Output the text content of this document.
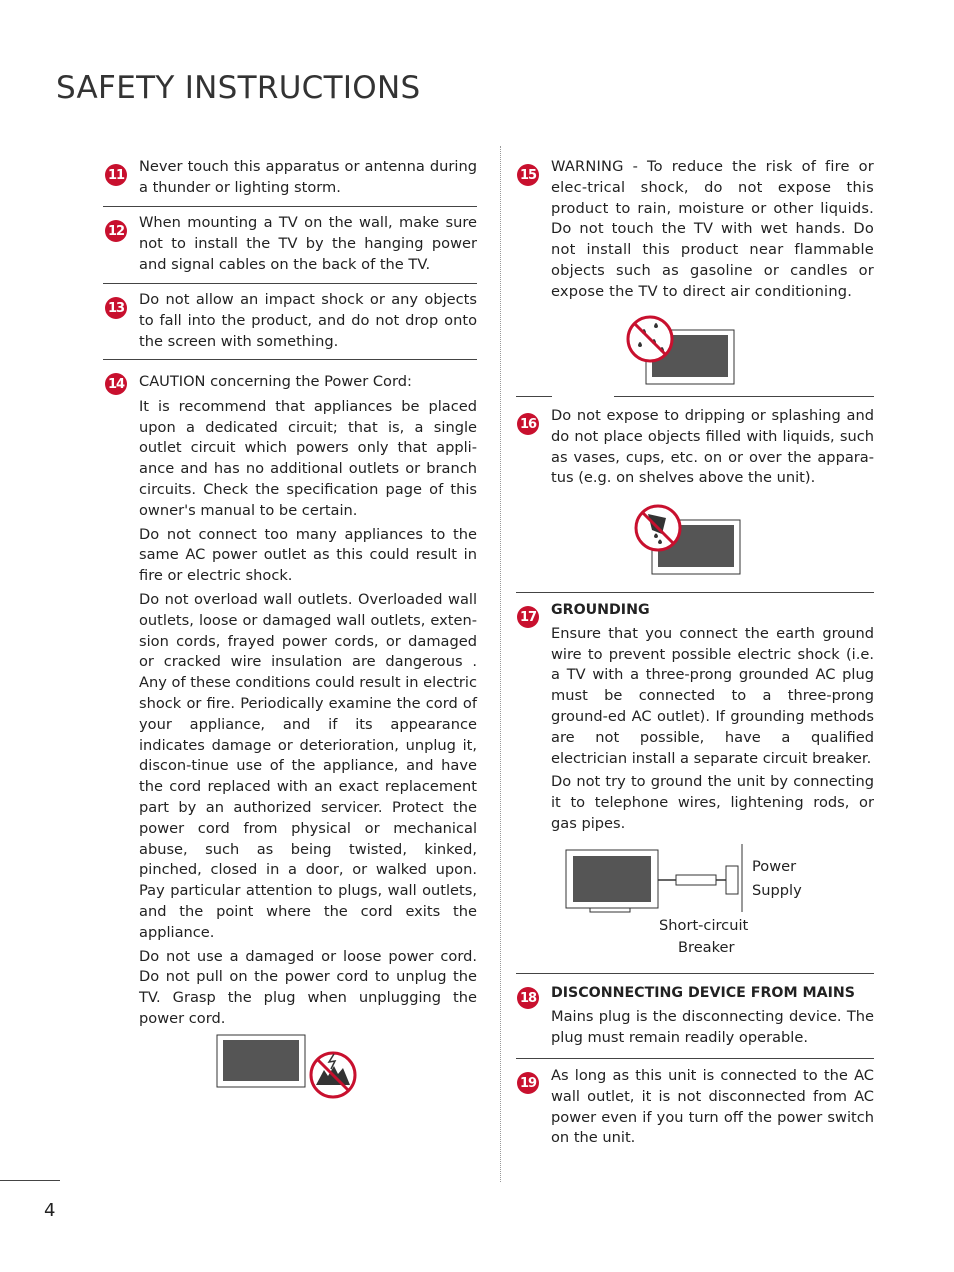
SAFETY INSTRUCTIONS
11 Never touch this apparatus or antenna during a thunder or lighting storm.

12 When mounting a TV on the wall, make sure not to install the TV by the hanging power and signal cables on the back of the TV.

13 Do not allow an impact shock or any objects to fall into the product, and do not drop onto the screen with something.

14 CAUTION concerning the Power Cord:

It is recommend that appliances be placed upon a dedicated circuit; that is, a single outlet circuit which powers only that appli-ance and has no additional outlets or branch circuits. Check the specification page of this owner's manual to be certain.

Do not connect too many appliances to the same AC power outlet as this could result in fire or electric shock.

Do not overload wall outlets. Overloaded wall outlets, loose or damaged wall outlets, exten-sion cords, frayed power cords, or damaged or cracked wire insulation are dangerous . Any of these conditions could result in electric shock or fire. Periodically examine the cord of your appliance, and if its appearance indicates damage or deterioration, unplug it, discon-tinue use of the appliance, and have the cord replaced with an exact replacement part by an authorized servicer. Protect the power cord from physical or mechanical abuse, such as being twisted, kinked, pinched, closed in a door, or walked upon. Pay particular attention to plugs, wall outlets, and the point where the cord exits the appliance.

Do not use a damaged or loose power cord. Do not pull on the power cord to unplug the TV. Grasp the plug when unplugging the power cord.

15 WARNING - To reduce the risk of fire or elec-trical shock, do not expose this product to rain, moisture or other liquids. Do not touch the TV with wet hands. Do not install this product near flammable objects such as gasoline or candles or expose the TV to direct air conditioning.

16 Do not expose to dripping or splashing and do not place objects filled with liquids, such as vases, cups, etc. on or over the appara-tus (e.g. on shelves above the unit).

17 GROUNDING

Ensure that you connect the earth ground wire to prevent possible electric shock (i.e. a TV with a three-prong grounded AC plug must be connected to a three-prong ground-ed AC outlet). If grounding methods are not possible, have a qualified electrician install a separate circuit breaker.

Do not try to ground the unit by connecting it to telephone wires, lightening rods, or gas pipes.

Power
Supply
Short-circuit
Breaker
18 DISCONNECTING DEVICE FROM MAINS

Mains plug is the disconnecting device. The plug must remain readily operable.

19 As long as this unit is connected to the AC wall outlet, it is not disconnected from AC power even if you turn off the power switch on the unit.

4
